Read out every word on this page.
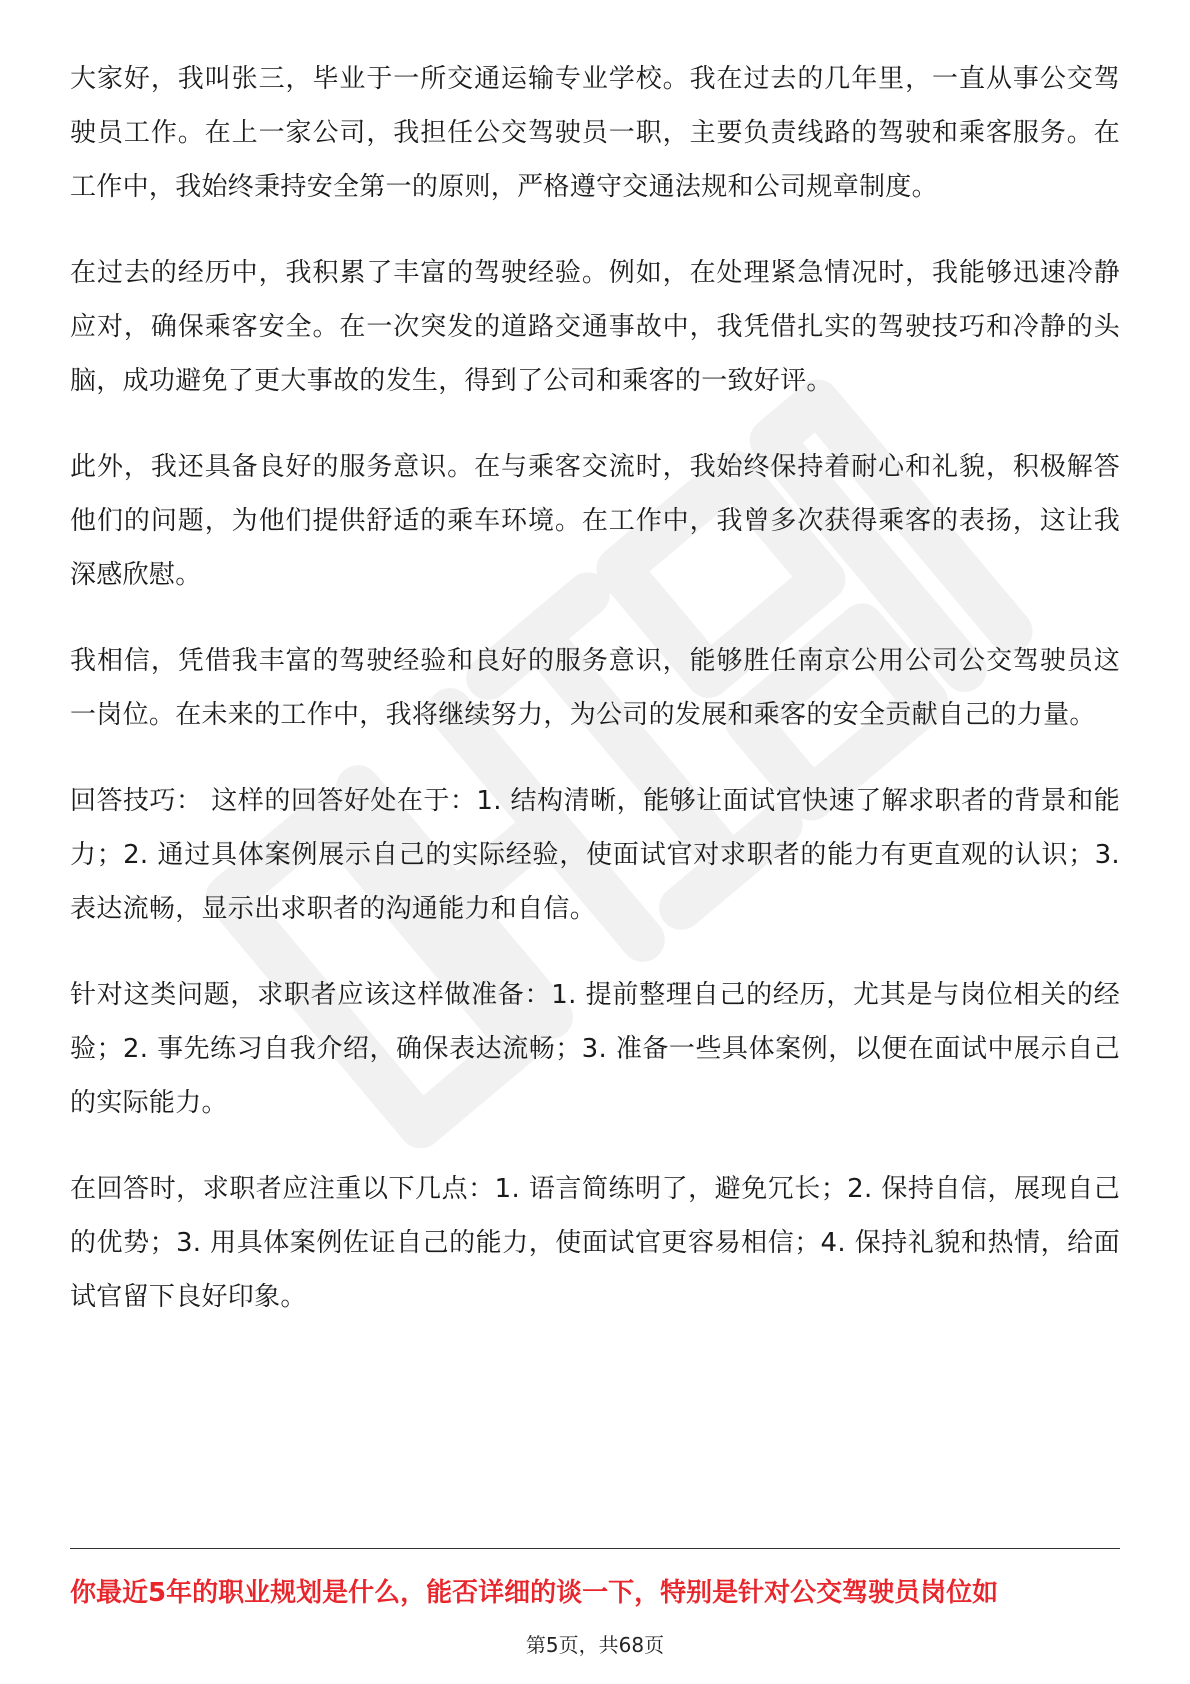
大家好，我叫张三，毕业于一所交通运输专业学校。我在过去的几年里，一直从事公交驾驶员工作。在上一家公司，我担任公交驾驶员一职，主要负责线路的驾驶和乘客服务。在工作中，我始终秉持安全第一的原则，严格遵守交通法规和公司规章制度。

在过去的经历中，我积累了丰富的驾驶经验。例如，在处理紧急情况时，我能够迅速冷静应对，确保乘客安全。在一次突发的道路交通事故中，我凭借扎实的驾驶技巧和冷静的头脑，成功避免了更大事故的发生，得到了公司和乘客的一致好评。

此外，我还具备良好的服务意识。在与乘客交流时，我始终保持着耐心和礼貌，积极解答他们的问题，为他们提供舒适的乘车环境。在工作中，我曾多次获得乘客的表扬，这让我深感欣慰。

我相信，凭借我丰富的驾驶经验和良好的服务意识，能够胜任南京公用公司公交驾驶员这一岗位。在未来的工作中，我将继续努力，为公司的发展和乘客的安全贡献自己的力量。

回答技巧： 这样的回答好处在于：1. 结构清晰，能够让面试官快速了解求职者的背景和能力；2. 通过具体案例展示自己的实际经验，使面试官对求职者的能力有更直观的认识；3. 表达流畅，显示出求职者的沟通能力和自信。

针对这类问题，求职者应该这样做准备：1. 提前整理自己的经历，尤其是与岗位相关的经验；2. 事先练习自我介绍，确保表达流畅；3. 准备一些具体案例，以便在面试中展示自己的实际能力。

在回答时，求职者应注重以下几点：1. 语言简练明了，避免冗长；2. 保持自信，展现自己的优势；3. 用具体案例佐证自己的能力，使面试官更容易相信；4. 保持礼貌和热情，给面试官留下良好印象。

你最近5年的职业规划是什么，能否详细的谈一下，特别是针对公交驾驶员岗位如
第5页，共68页
